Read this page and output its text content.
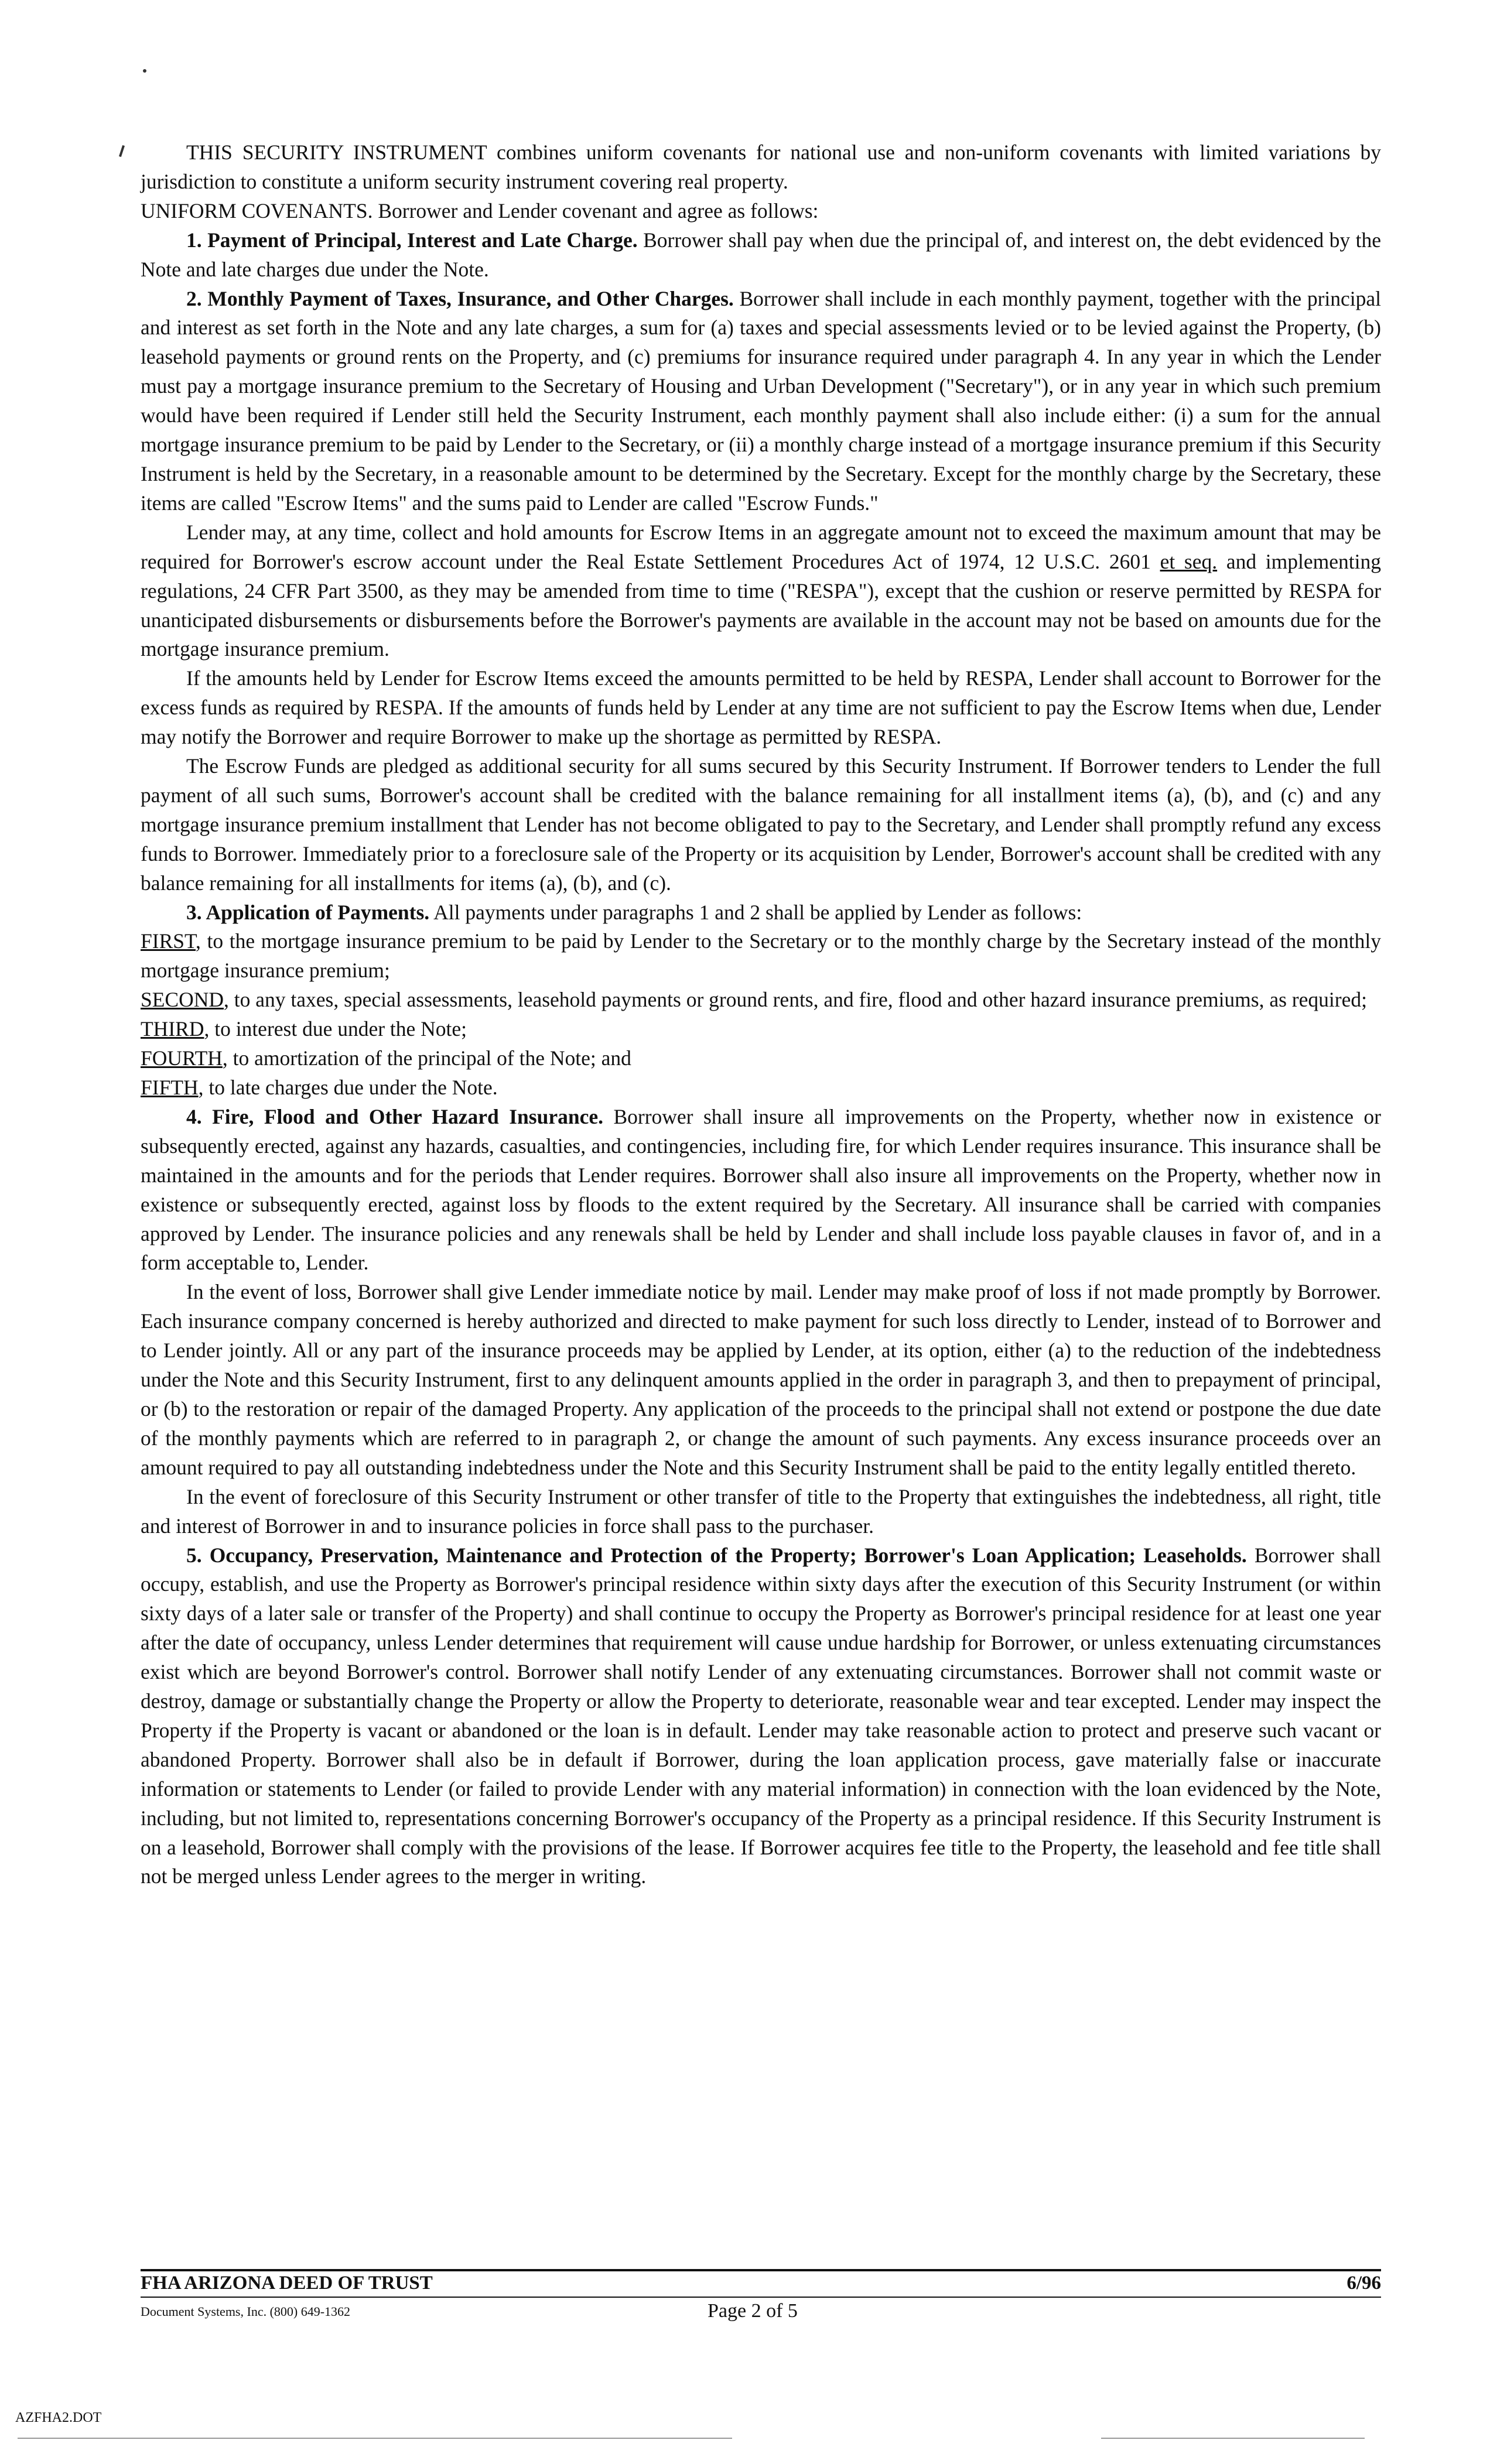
THIS SECURITY INSTRUMENT combines uniform covenants for national use and non-uniform covenants with limited variations by jurisdiction to constitute a uniform security instrument covering real property.

UNIFORM COVENANTS. Borrower and Lender covenant and agree as follows:

1. Payment of Principal, Interest and Late Charge. Borrower shall pay when due the principal of, and interest on, the debt evidenced by the Note and late charges due under the Note.

2. Monthly Payment of Taxes, Insurance, and Other Charges. Borrower shall include in each monthly payment, together with the principal and interest as set forth in the Note and any late charges, a sum for (a) taxes and special assessments levied or to be levied against the Property, (b) leasehold payments or ground rents on the Property, and (c) premiums for insurance required under paragraph 4. In any year in which the Lender must pay a mortgage insurance premium to the Secretary of Housing and Urban Development ("Secretary"), or in any year in which such premium would have been required if Lender still held the Security Instrument, each monthly payment shall also include either: (i) a sum for the annual mortgage insurance premium to be paid by Lender to the Secretary, or (ii) a monthly charge instead of a mortgage insurance premium if this Security Instrument is held by the Secretary, in a reasonable amount to be determined by the Secretary. Except for the monthly charge by the Secretary, these items are called "Escrow Items" and the sums paid to Lender are called "Escrow Funds."

Lender may, at any time, collect and hold amounts for Escrow Items in an aggregate amount not to exceed the maximum amount that may be required for Borrower's escrow account under the Real Estate Settlement Procedures Act of 1974, 12 U.S.C. 2601 et seq. and implementing regulations, 24 CFR Part 3500, as they may be amended from time to time ("RESPA"), except that the cushion or reserve permitted by RESPA for unanticipated disbursements or disbursements before the Borrower's payments are available in the account may not be based on amounts due for the mortgage insurance premium.

If the amounts held by Lender for Escrow Items exceed the amounts permitted to be held by RESPA, Lender shall account to Borrower for the excess funds as required by RESPA. If the amounts of funds held by Lender at any time are not sufficient to pay the Escrow Items when due, Lender may notify the Borrower and require Borrower to make up the shortage as permitted by RESPA.

The Escrow Funds are pledged as additional security for all sums secured by this Security Instrument. If Borrower tenders to Lender the full payment of all such sums, Borrower's account shall be credited with the balance remaining for all installment items (a), (b), and (c) and any mortgage insurance premium installment that Lender has not become obligated to pay to the Secretary, and Lender shall promptly refund any excess funds to Borrower. Immediately prior to a foreclosure sale of the Property or its acquisition by Lender, Borrower's account shall be credited with any balance remaining for all installments for items (a), (b), and (c).

3. Application of Payments. All payments under paragraphs 1 and 2 shall be applied by Lender as follows:

FIRST, to the mortgage insurance premium to be paid by Lender to the Secretary or to the monthly charge by the Secretary instead of the monthly mortgage insurance premium;

SECOND, to any taxes, special assessments, leasehold payments or ground rents, and fire, flood and other hazard insurance premiums, as required;

THIRD, to interest due under the Note;

FOURTH, to amortization of the principal of the Note; and

FIFTH, to late charges due under the Note.

4. Fire, Flood and Other Hazard Insurance. Borrower shall insure all improvements on the Property, whether now in existence or subsequently erected, against any hazards, casualties, and contingencies, including fire, for which Lender requires insurance. This insurance shall be maintained in the amounts and for the periods that Lender requires. Borrower shall also insure all improvements on the Property, whether now in existence or subsequently erected, against loss by floods to the extent required by the Secretary. All insurance shall be carried with companies approved by Lender. The insurance policies and any renewals shall be held by Lender and shall include loss payable clauses in favor of, and in a form acceptable to, Lender.

In the event of loss, Borrower shall give Lender immediate notice by mail. Lender may make proof of loss if not made promptly by Borrower. Each insurance company concerned is hereby authorized and directed to make payment for such loss directly to Lender, instead of to Borrower and to Lender jointly. All or any part of the insurance proceeds may be applied by Lender, at its option, either (a) to the reduction of the indebtedness under the Note and this Security Instrument, first to any delinquent amounts applied in the order in paragraph 3, and then to prepayment of principal, or (b) to the restoration or repair of the damaged Property. Any application of the proceeds to the principal shall not extend or postpone the due date of the monthly payments which are referred to in paragraph 2, or change the amount of such payments. Any excess insurance proceeds over an amount required to pay all outstanding indebtedness under the Note and this Security Instrument shall be paid to the entity legally entitled thereto.

In the event of foreclosure of this Security Instrument or other transfer of title to the Property that extinguishes the indebtedness, all right, title and interest of Borrower in and to insurance policies in force shall pass to the purchaser.

5. Occupancy, Preservation, Maintenance and Protection of the Property; Borrower's Loan Application; Leaseholds. Borrower shall occupy, establish, and use the Property as Borrower's principal residence within sixty days after the execution of this Security Instrument (or within sixty days of a later sale or transfer of the Property) and shall continue to occupy the Property as Borrower's principal residence for at least one year after the date of occupancy, unless Lender determines that requirement will cause undue hardship for Borrower, or unless extenuating circumstances exist which are beyond Borrower's control. Borrower shall notify Lender of any extenuating circumstances. Borrower shall not commit waste or destroy, damage or substantially change the Property or allow the Property to deteriorate, reasonable wear and tear excepted. Lender may inspect the Property if the Property is vacant or abandoned or the loan is in default. Lender may take reasonable action to protect and preserve such vacant or abandoned Property. Borrower shall also be in default if Borrower, during the loan application process, gave materially false or inaccurate information or statements to Lender (or failed to provide Lender with any material information) in connection with the loan evidenced by the Note, including, but not limited to, representations concerning Borrower's occupancy of the Property as a principal residence. If this Security Instrument is on a leasehold, Borrower shall comply with the provisions of the lease. If Borrower acquires fee title to the Property, the leasehold and fee title shall not be merged unless Lender agrees to the merger in writing.

FHA ARIZONA DEED OF TRUST	6/96
Document Systems, Inc. (800) 649-1362	Page 2 of 5
AZFHA2.DOT
